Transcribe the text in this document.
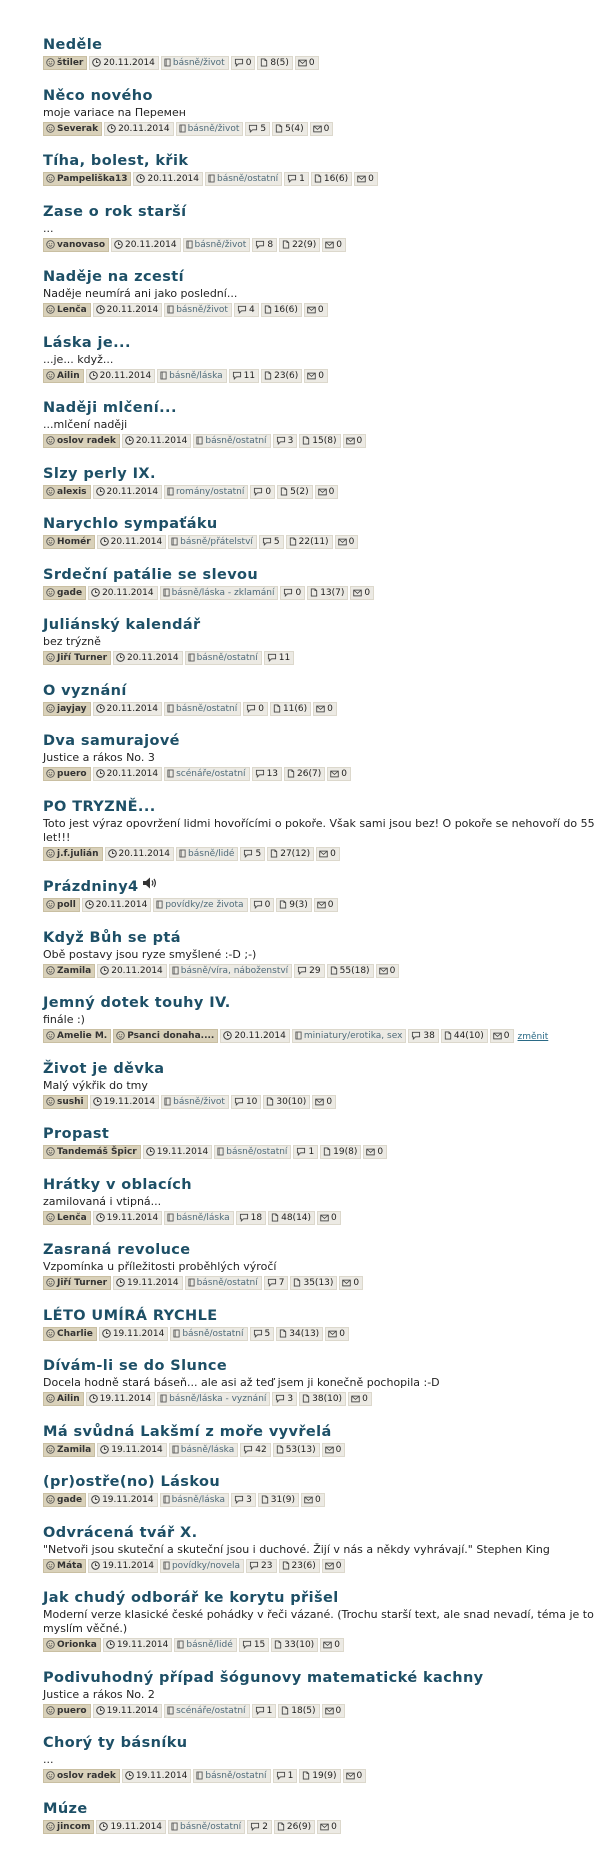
Neděle
štiler 20.11.2014 básně/život 0 8(5) 0
Něco nového
moje variace na Перемен
Severak 20.11.2014 básně/život 5 5(4) 0
Tíha, bolest, křik
Pampeliška13 20.11.2014 básně/ostatní 1 16(6) 0
Zase o rok starší
...
vanovaso 20.11.2014 básně/život 8 22(9) 0
Naděje na zcestí
Naděje neumírá ani jako poslední...
Lenča 20.11.2014 básně/život 4 16(6) 0
Láska je...
...je... když...
Ailin 20.11.2014 básně/láska 11 23(6) 0
Naději mlčení...
...mlčení naději
oslov radek 20.11.2014 básně/ostatní 3 15(8) 0
Slzy perly IX.
alexis 20.11.2014 romány/ostatní 0 5(2) 0
Narychlo sympaťáku
Homér 20.11.2014 básně/přátelství 5 22(11) 0
Srdeční patálie se slevou
gade 20.11.2014 básně/láska - zklamání 0 13(7) 0
Juliánský kalendář
bez trýzně
Jiří Turner 20.11.2014 básně/ostatní 11
O vyznání
jayjay 20.11.2014 básně/ostatní 0 11(6) 0
Dva samurajové
Justice a rákos No. 3
puero 20.11.2014 scénáře/ostatní 13 26(7) 0
PO TRYZNĚ...
Toto jest výraz opovržení lidmi hovořícími o pokoře. Však sami jsou bez! O pokoře se nehovoří do 55 let!!!
j.f.julián 20.11.2014 básně/lidé 5 27(12) 0
Prázdniny4
poll 20.11.2014 povídky/ze života 0 9(3) 0
Když Bůh se ptá
Obě postavy jsou ryze smyšlené :-D ;-)
Zamila 20.11.2014 básně/víra, náboženství 29 55(18) 0
Jemný dotek touhy IV.
finále :)
Amelie M. Psanci donaha.... 20.11.2014 miniatury/erotika, sex 38 44(10) 0 změnit
Život je děvka
Malý výkřik do tmy
sushi 19.11.2014 básně/život 10 30(10) 0
Propast
Tandemáš Špicr 19.11.2014 básně/ostatní 1 19(8) 0
Hrátky v oblacích
zamilovaná i vtipná...
Lenča 19.11.2014 básně/láska 18 48(14) 0
Zasraná revoluce
Vzpomínka u příležitosti proběhlých výročí
Jiří Turner 19.11.2014 básně/ostatní 7 35(13) 0
LÉTO UMÍRÁ RYCHLE
Charlie 19.11.2014 básně/ostatní 5 34(13) 0
Dívám-li se do Slunce
Docela hodně stará báseň... ale asi až teď jsem ji konečně pochopila :-D
Ailin 19.11.2014 básně/láska - vyznání 3 38(10) 0
Má svůdná Lakšmí z moře vyvřelá
Zamila 19.11.2014 básně/láska 42 53(13) 0
(pr)ostře(no) Láskou
gade 19.11.2014 básně/láska 3 31(9) 0
Odvrácená tvář X.
"Netvoři jsou skuteční a skuteční jsou i duchové. Žijí v nás a někdy vyhrávají." Stephen King
Máta 19.11.2014 povídky/novela 23 23(6) 0
Jak chudý odborář ke korytu přišel
Moderní verze klasické české pohádky v řeči vázané. (Trochu starší text, ale snad nevadí, téma je to myslím věčné.)
Orionka 19.11.2014 básně/lidé 15 33(10) 0
Podivuhodný případ šógunovy matematické kachny
Justice a rákos No. 2
puero 19.11.2014 scénáře/ostatní 1 18(5) 0
Chorý ty básníku
...
oslov radek 19.11.2014 básně/ostatní 1 19(9) 0
Múze
jincom 19.11.2014 básně/ostatní 2 26(9) 0
